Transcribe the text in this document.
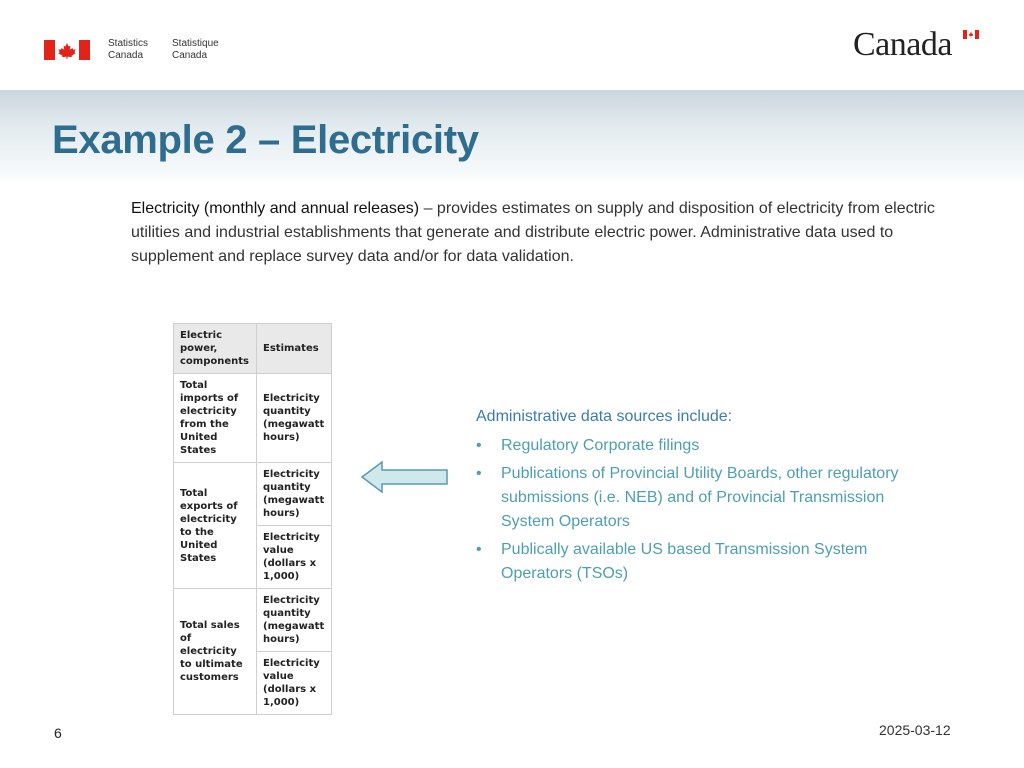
Statistics
Canada
Statistique
Canada	Canada
Example 2 – Electricity

Electricity (monthly and annual releases) – provides estimates on supply and disposition of electricity from electric utilities and industrial establishments that generate and distribute electric power. Administrative data used to supplement and replace survey data and/or for data validation.

Electric power, components	Estimates
Total imports of electricity from the United States	Electricity quantity (megawatt hours)
Total exports of electricity to the United States	Electricity quantity (megawatt hours)
	Electricity value (dollars x 1,000)
Total sales of electricity to ultimate customers	Electricity quantity (megawatt hours)
	Electricity value (dollars x 1,000)

Administrative data sources include:

• Regulatory Corporate filings
• Publications of Provincial Utility Boards, other regulatory submissions (i.e. NEB) and of Provincial Transmission System Operators
• Publically available US based Transmission System Operators (TSOs)
6	2025-03-12
